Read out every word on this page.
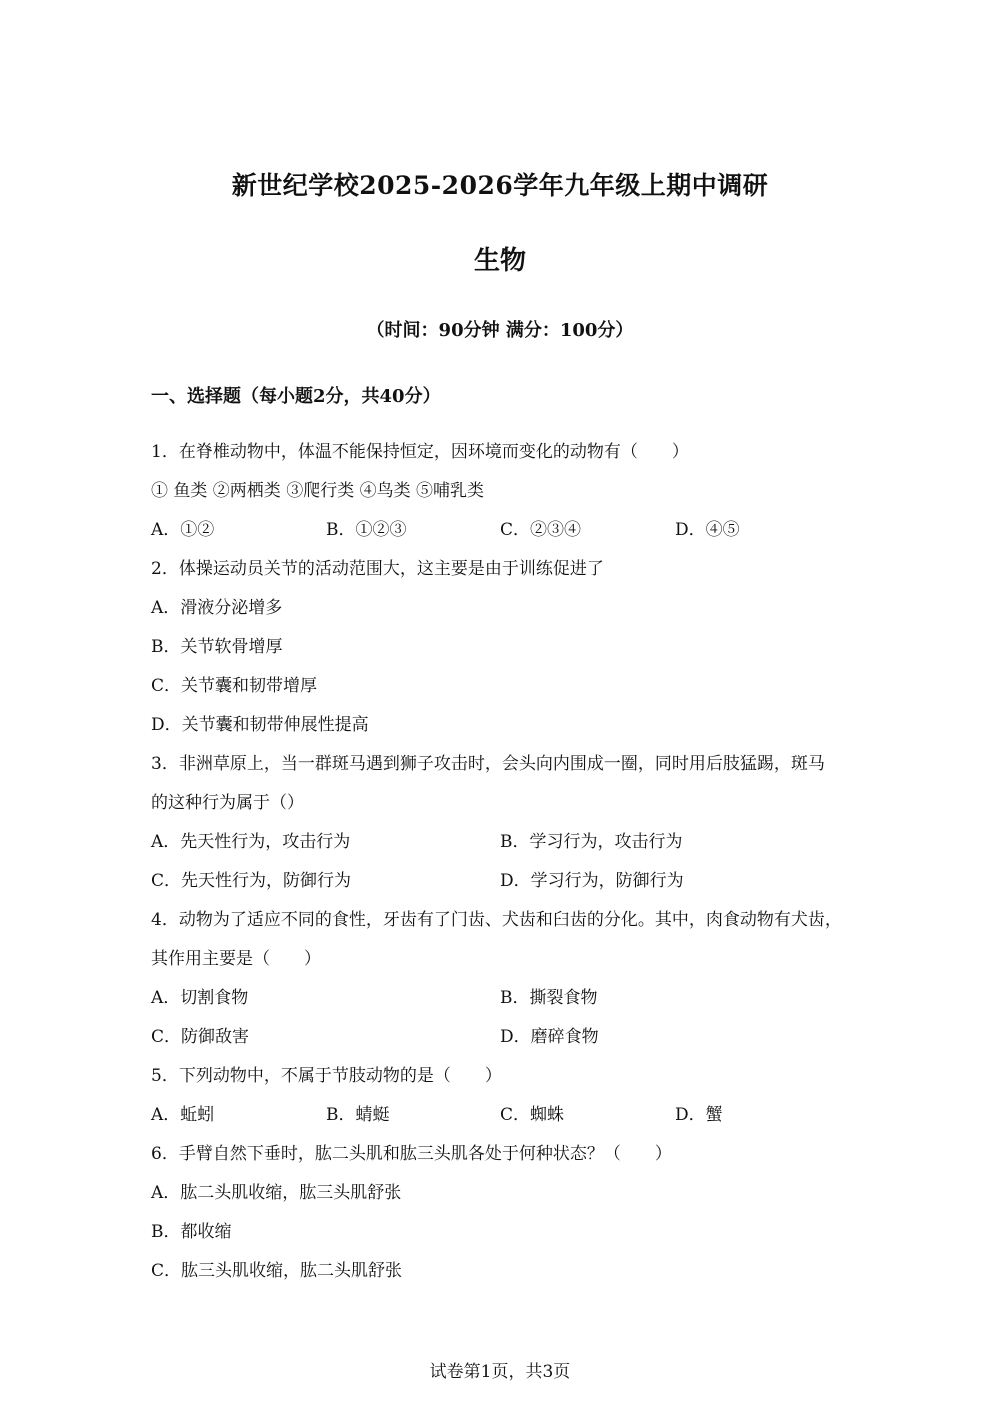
新世纪学校2025-2026学年九年级上期中调研
生物
（时间：90分钟 满分：100分）
一、选择题（每小题2分，共40分）
1．在脊椎动物中，体温不能保持恒定，因环境而变化的动物有（　　）
① 鱼类 ②两栖类 ③爬行类 ④鸟类 ⑤哺乳类
A．①②	B．①②③	C．②③④	D．④⑤
2．体操运动员关节的活动范围大，这主要是由于训练促进了
A．滑液分泌增多
B．关节软骨增厚
C．关节囊和韧带增厚
D．关节囊和韧带伸展性提高
3．非洲草原上，当一群斑马遇到狮子攻击时，会头向内围成一圈，同时用后肢猛踢，斑马
的这种行为属于（）
A．先天性行为，攻击行为	B．学习行为，攻击行为
C．先天性行为，防御行为	D．学习行为，防御行为
4．动物为了适应不同的食性，牙齿有了门齿、犬齿和臼齿的分化。其中，肉食动物有犬齿，
其作用主要是（　　）
A．切割食物	B．撕裂食物
C．防御敌害	D．磨碎食物
5．下列动物中，不属于节肢动物的是（　　）
A．蚯蚓	B．蜻蜓	C．蜘蛛	D．蟹
6．手臂自然下垂时，肱二头肌和肱三头肌各处于何种状态？（　　）
A．肱二头肌收缩，肱三头肌舒张
B．都收缩
C．肱三头肌收缩，肱二头肌舒张
试卷第1页，共3页
